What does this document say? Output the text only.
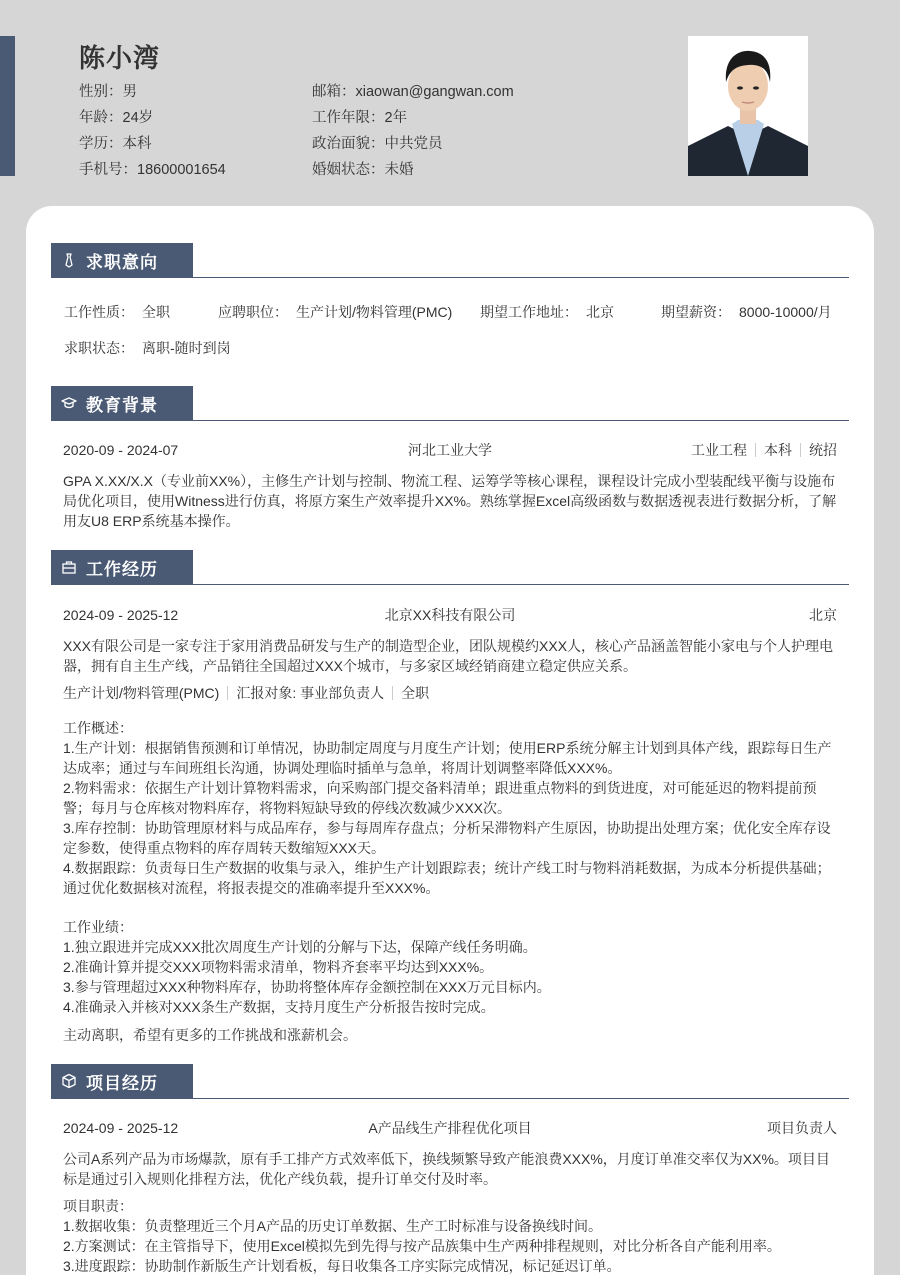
陈小湾
性别：男
年龄：24岁
学历：本科
手机号：18600001654
邮箱：xiaowan@gangwan.com
工作年限：2年
政治面貌：中共党员
婚姻状态：未婚
求职意向
工作性质： 全职	应聘职位： 生产计划/物料管理(PMC) 期望工作地址： 北京	期望薪资： 8000-10000/月
求职状态： 离职-随时到岗
教育背景
2020-09 - 2024-07	河北工业大学	工业工程 本科 统招
GPA X.XX/X.X（专业前XX%），主修生产计划与控制、物流工程、运筹学等核心课程，课程设计完成小型装配线平衡与设施布局优化项目，使用Witness进行仿真，将原方案生产效率提升XX%。熟练掌握Excel高级函数与数据透视表进行数据分析，了解用友U8 ERP系统基本操作。
工作经历
2024-09 - 2025-12	北京XX科技有限公司	北京
XXX有限公司是一家专注于家用消费品研发与生产的制造型企业，团队规模约XXX人，核心产品涵盖智能小家电与个人护理电器，拥有自主生产线，产品销往全国超过XXX个城市，与多家区域经销商建立稳定供应关系。
生产计划/物料管理(PMC) 汇报对象: 事业部负责人 全职
工作概述：
1.生产计划：根据销售预测和订单情况，协助制定周度与月度生产计划；使用ERP系统分解主计划到具体产线，跟踪每日生产达成率；通过与车间班组长沟通，协调处理临时插单与急单，将周计划调整率降低XXX%。
2.物料需求：依据生产计划计算物料需求，向采购部门提交备料清单；跟进重点物料的到货进度，对可能延迟的物料提前预警；每月与仓库核对物料库存，将物料短缺导致的停线次数减少XXX次。
3.库存控制：协助管理原材料与成品库存，参与每周库存盘点；分析呆滞物料产生原因，协助提出处理方案；优化安全库存设定参数，使得重点物料的库存周转天数缩短XXX天。
4.数据跟踪：负责每日生产数据的收集与录入，维护生产计划跟踪表；统计产线工时与物料消耗数据，为成本分析提供基础；通过优化数据核对流程，将报表提交的准确率提升至XXX%。
工作业绩：
1.独立跟进并完成XXX批次周度生产计划的分解与下达，保障产线任务明确。
2.准确计算并提交XXX项物料需求清单，物料齐套率平均达到XXX%。
3.参与管理超过XXX种物料库存，协助将整体库存金额控制在XXX万元目标内。
4.准确录入并核对XXX条生产数据，支持月度生产分析报告按时完成。
主动离职，希望有更多的工作挑战和涨薪机会。
项目经历
2024-09 - 2025-12	A产品线生产排程优化项目	项目负责人
公司A系列产品为市场爆款，原有手工排产方式效率低下，换线频繁导致产能浪费XXX%，月度订单准交率仅为XX%。项目目标是通过引入规则化排程方法，优化产线负载，提升订单交付及时率。
项目职责：
1.数据收集：负责整理近三个月A产品的历史订单数据、生产工时标准与设备换线时间。
2.方案测试：在主管指导下，使用Excel模拟先到先得与按产品族集中生产两种排程规则，对比分析各自产能利用率。
3.进度跟踪：协助制作新版生产计划看板，每日收集各工序实际完成情况，标记延迟订单。
